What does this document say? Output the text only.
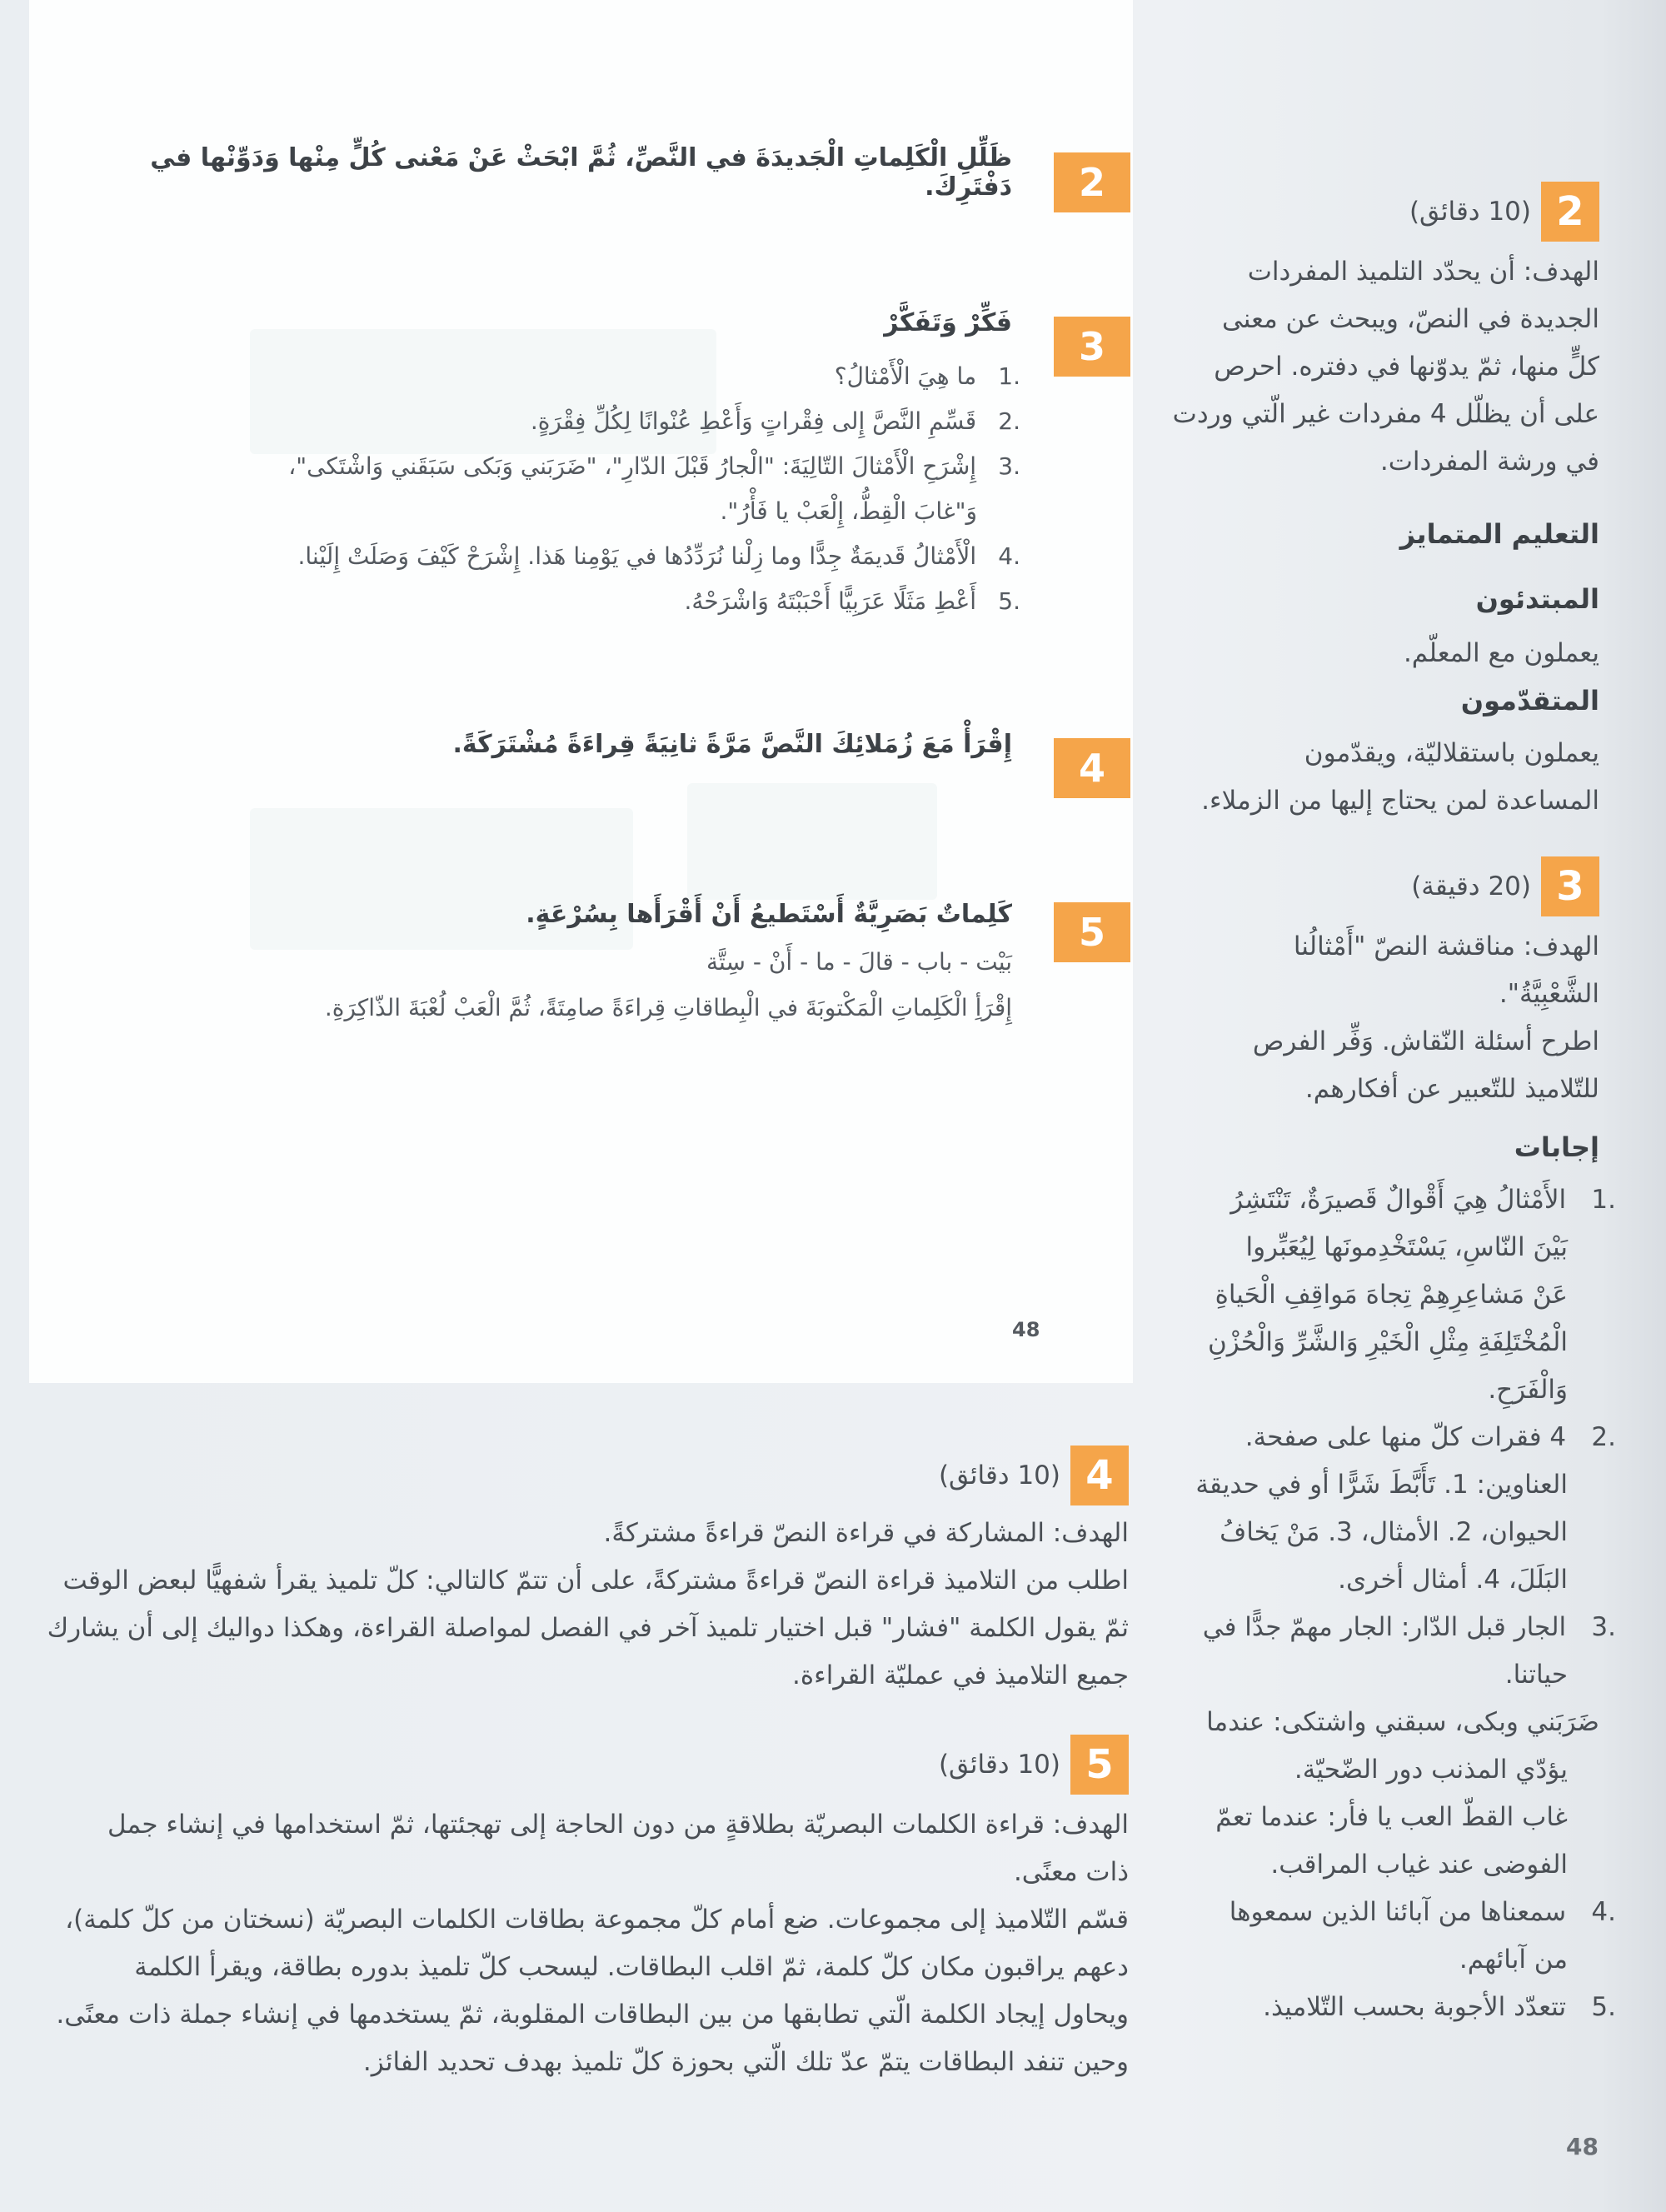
2
ظَلِّلِ الْكَلِماتِ الْجَديدَةَ في النَّصِّ، ثُمَّ ابْحَثْ عَنْ مَعْنى كُلٍّ مِنْها وَدَوِّنْها في دَفْتَرِكَ.
3
فَكِّرْ وَتَفَكَّرْ
1. ما هِيَ الْأَمْثالُ؟
2. قَسِّمِ النَّصَّ إِلى فِقْراتٍ وَأَعْطِ عُنْوانًا لِكُلِّ فِقْرَةٍ.
3. إِشْرَحِ الْأَمْثالَ التّالِيَةَ: "الْجارُ قَبْلَ الدّارِ"، "ضَرَبَني وَبَكى سَبَقَني وَاشْتَكى"،
وَ"غابَ الْقِطُّ، إِلْعَبْ يا فَأْرُ".
4. الْأَمْثالُ قَديمَةٌ جِدًّا وما زِلْنا نُرَدِّدُها في يَوْمِنا هَذا. إِشْرَحْ كَيْفَ وَصَلَتْ إِلَيْنا.
5. أَعْطِ مَثَلًا عَرَبِيًّا أَحْبَبْتَهُ وَاشْرَحْهُ.
4
إِقْرَأْ مَعَ زُمَلائِكَ النَّصَّ مَرَّةً ثانِيَةً قِراءَةً مُشْتَرَكَةً.
5
كَلِماتٌ بَصَرِيَّةٌ أَسْتَطيعُ أَنْ أَقْرَأَها بِسُرْعَةٍ.
بَيْت - باب - قالَ - ما - أَنْ - سِتَّة
إِقْرَأِ الْكَلِماتِ الْمَكْتوبَةَ في الْبِطاقاتِ قِراءَةً صامِتَةً، ثُمَّ الْعَبْ لُعْبَةَ الذّاكِرَةِ.
48
2
(10 دقائق)
الهدف: أن يحدّد التلميذ المفردات
الجديدة في النصّ، ويبحث عن معنى
كلٍّ منها، ثمّ يدوّنها في دفتره. احرص
على أن يظلّل 4 مفردات غير الّتي وردت
في ورشة المفردات.
التعليم المتمايز
المبتدئون
يعملون مع المعلّم.
المتقدّمون
يعملون باستقلاليّة، ويقدّمون
المساعدة لمن يحتاج إليها من الزملاء.
3
(20 دقيقة)
الهدف: مناقشة النصّ "أَمْثالُنا
الشَّعْبِيَّةُ".
اطرح أسئلة النّقاش. وَفِّر الفرص
للتّلاميذ للتّعبير عن أفكارهم.
إجابات
1. الأَمْثالُ هِيَ أَقْوالٌ قَصيرَةٌ، تَنْتَشِرُ
بَيْنَ النّاسِ، يَسْتَخْدِمونَها لِيُعَبِّروا
عَنْ مَشاعِرِهِمْ تِجاهَ مَواقِفِ الْحَياةِ
الْمُخْتَلِفَةِ مِثْلِ الْخَيْرِ وَالشَّرِّ وَالْحُزْنِ
وَالْفَرَحِ.
2. 4 فقرات كلّ منها على صفحة.
العناوين: 1. تَأَبَّطَ شَرًّا أو في حديقة
الحيوان، 2. الأمثال، 3. مَنْ يَخافُ
البَلَلَ، 4. أمثال أخرى.
3. الجار قبل الدّار: الجار مهمّ جدًّا في
حياتنا.
ضَرَبَني وبكى، سبقني واشتكى: عندما
يؤدّي المذنب دور الضّحيّة.
غاب القطّ العب يا فأر: عندما تعمّ
الفوضى عند غياب المراقب.
4. سمعناها من آبائنا الذين سمعوها
من آبائهم.
5. تتعدّد الأجوبة بحسب التّلاميذ.
4
(10 دقائق)
الهدف: المشاركة في قراءة النصّ قراءةً مشتركةً.
اطلب من التلاميذ قراءة النصّ قراءةً مشتركةً، على أن تتمّ كالتالي: كلّ تلميذ يقرأ شفهيًّا لبعض الوقت
ثمّ يقول الكلمة "فشار" قبل اختيار تلميذ آخر في الفصل لمواصلة القراءة، وهكذا دواليك إلى أن يشارك
جميع التلاميذ في عمليّة القراءة.
5
(10 دقائق)
الهدف: قراءة الكلمات البصريّة بطلاقةٍ من دون الحاجة إلى تهجئتها، ثمّ استخدامها في إنشاء جمل
ذات معنًى.
قسّم التّلاميذ إلى مجموعات. ضع أمام كلّ مجموعة بطاقات الكلمات البصريّة (نسختان من كلّ كلمة)،
دعهم يراقبون مكان كلّ كلمة، ثمّ اقلب البطاقات. ليسحب كلّ تلميذ بدوره بطاقة، ويقرأ الكلمة
ويحاول إيجاد الكلمة الّتي تطابقها من بين البطاقات المقلوبة، ثمّ يستخدمها في إنشاء جملة ذات معنًى.
وحين تنفد البطاقات يتمّ عدّ تلك الّتي بحوزة كلّ تلميذ بهدف تحديد الفائز.
48
